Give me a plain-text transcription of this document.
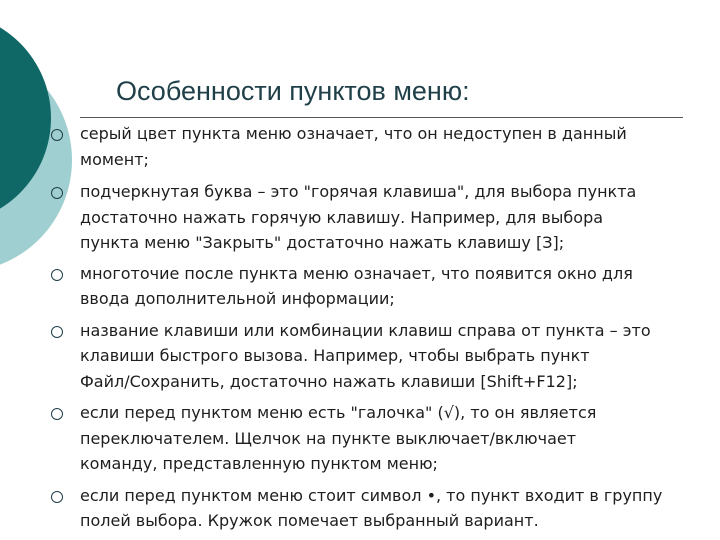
Особенности пунктов меню:
серый цвет пункта меню означает, что он недоступен в данный
момент;
подчеркнутая буква – это "горячая клавиша", для выбора пункта
достаточно нажать горячую клавишу. Например, для выбора
пункта меню "Закрыть" достаточно нажать клавишу [З];
многоточие после пункта меню означает, что появится окно для
ввода дополнительной информации;
название клавиши или комбинации клавиш справа от пункта – это
клавиши быстрого вызова. Например, чтобы выбрать пункт
Файл/Сохранить, достаточно нажать клавиши [Shift+F12];
если перед пунктом меню есть "галочка" (√), то он является
переключателем. Щелчок на пункте выключает/включает
команду, представленную пунктом меню;
если перед пунктом меню стоит символ •, то пункт входит в группу
полей выбора. Кружок помечает выбранный вариант.
